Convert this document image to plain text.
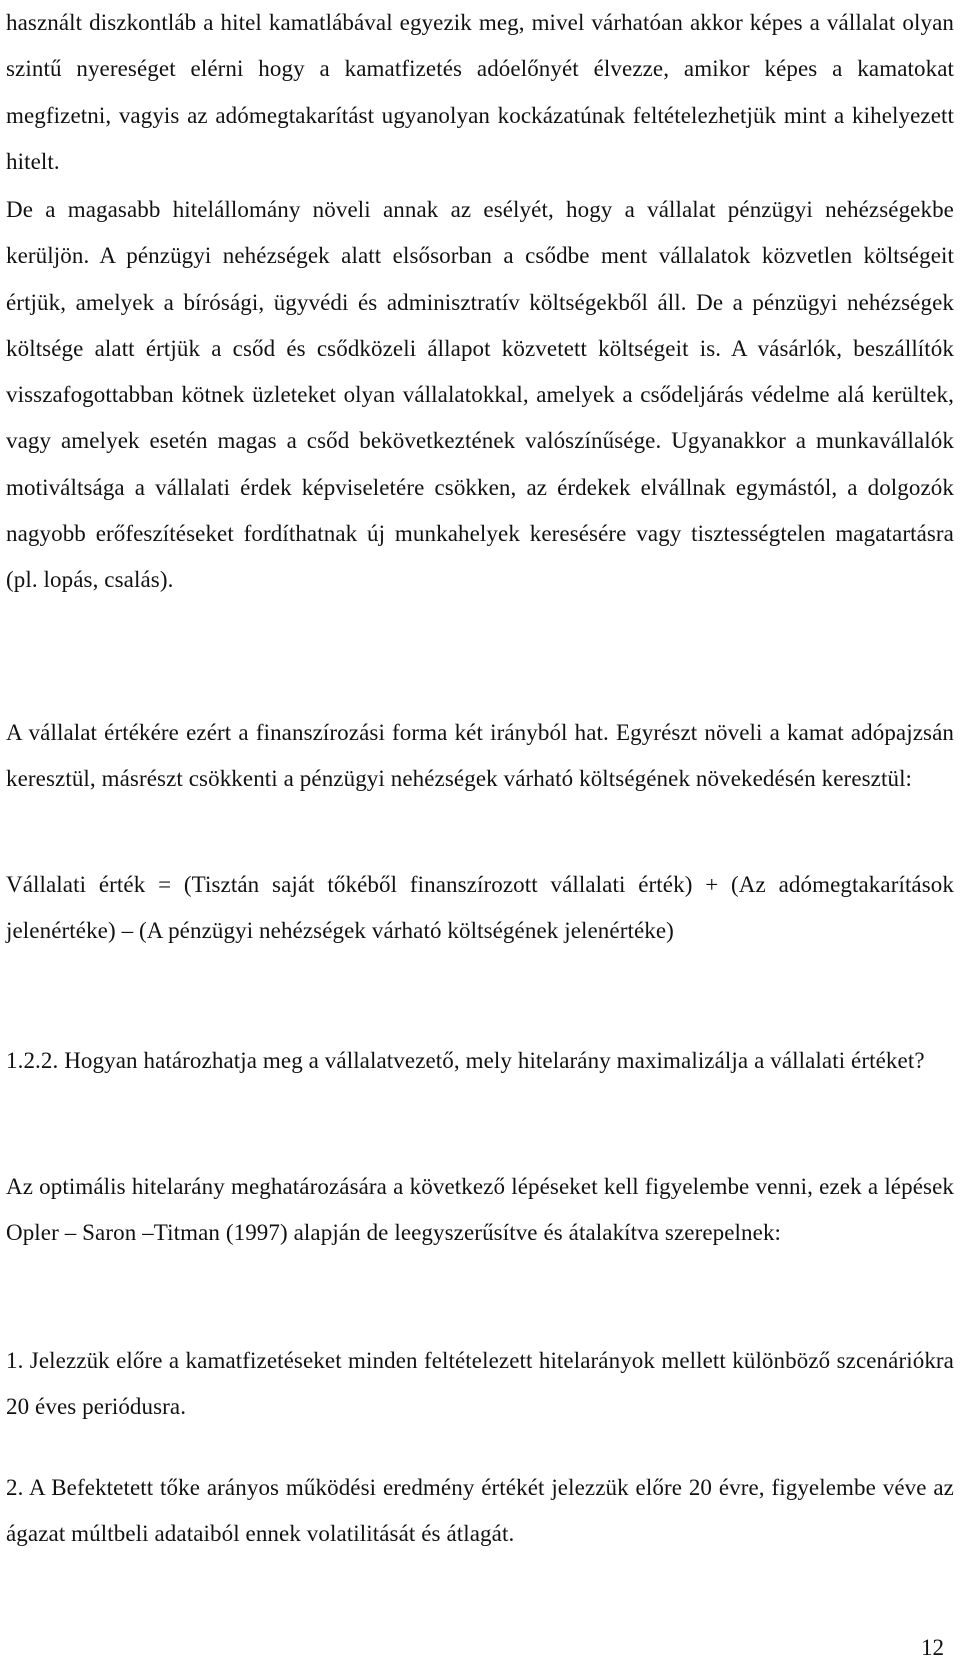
használt diszkontláb a hitel kamatlábával egyezik meg, mivel várhatóan akkor képes a vállalat olyan szintű nyereséget elérni hogy a kamatfizetés adóelőnyét élvezze, amikor képes a kamatokat megfizetni, vagyis az adómegtakarítást ugyanolyan kockázatúnak feltételezhetjük mint a kihelyezett hitelt.

De a magasabb hitelállomány növeli annak az esélyét, hogy a vállalat pénzügyi nehézségekbe kerüljön. A pénzügyi nehézségek alatt elsősorban a csődbe ment vállalatok közvetlen költségeit értjük, amelyek a bírósági, ügyvédi és adminisztratív költségekből áll. De a pénzügyi nehézségek költsége alatt értjük a csőd és csődközeli állapot közvetett költségeit is. A vásárlók, beszállítók visszafogottabban kötnek üzleteket olyan vállalatokkal, amelyek a csődeljárás védelme alá kerültek, vagy amelyek esetén magas a csőd bekövetkeztének valószínűsége. Ugyanakkor a munkavállalók motiváltsága a vállalati érdek képviseletére csökken, az érdekek elvállnak egymástól, a dolgozók nagyobb erőfeszítéseket fordíthatnak új munkahelyek keresésére vagy tisztességtelen magatartásra (pl. lopás, csalás).

A vállalat értékére ezért a finanszírozási forma két irányból hat. Egyrészt növeli a kamat adópajzsán keresztül, másrészt csökkenti a pénzügyi nehézségek várható költségének növekedésén keresztül:

Vállalati érték = (Tisztán saját tőkéből finanszírozott vállalati érték) + (Az adómegtakarítások jelenértéke) – (A pénzügyi nehézségek várható költségének jelenértéke)

1.2.2. Hogyan határozhatja meg a vállalatvezető, mely hitelarány maximalizálja a vállalati értéket?

Az optimális hitelarány meghatározására a következő lépéseket kell figyelembe venni, ezek a lépések Opler – Saron –Titman (1997) alapján de leegyszerűsítve és átalakítva szerepelnek:

1. Jelezzük előre a kamatfizetéseket minden feltételezett hitelarányok mellett különböző szcenáriókra 20 éves periódusra.

2. A Befektetett tőke arányos működési eredmény értékét jelezzük előre 20 évre, figyelembe véve az ágazat múltbeli adataiból ennek volatilitását és átlagát.

12
